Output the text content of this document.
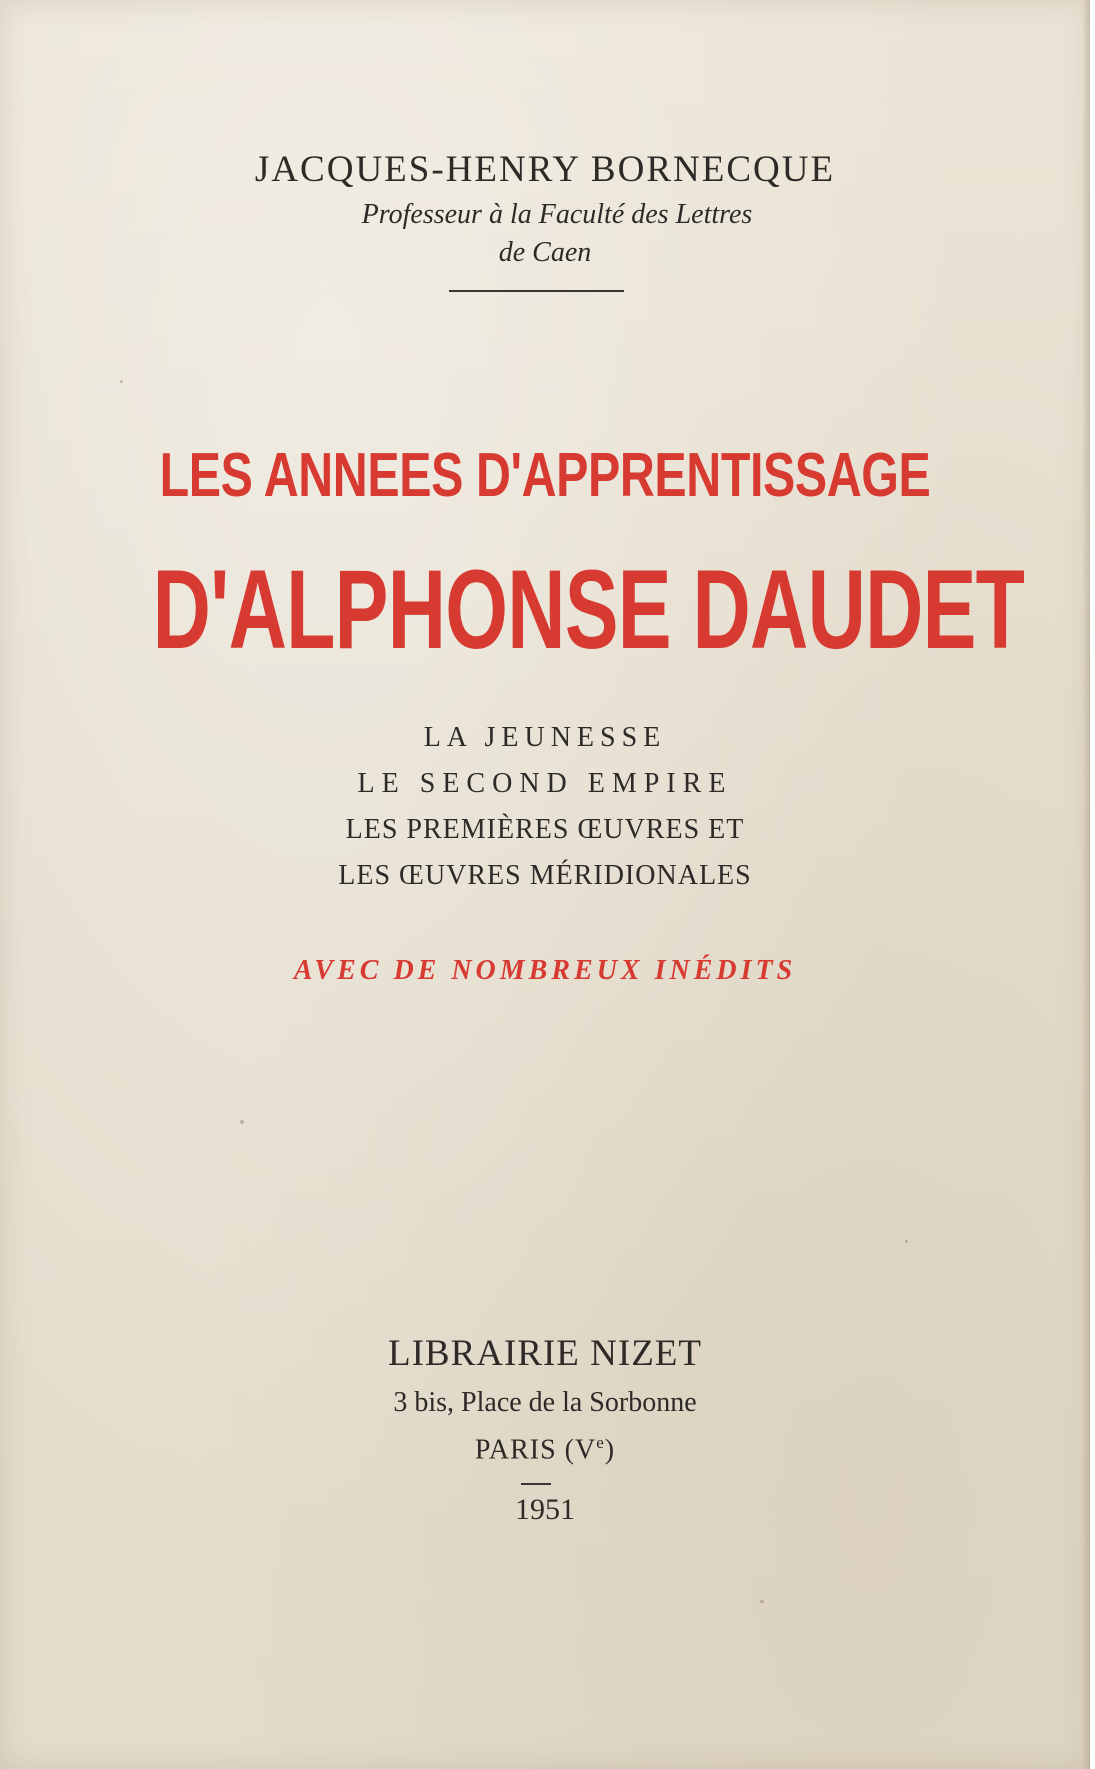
JACQUES-HENRY BORNECQUE
Professeur à la Faculté des Lettres
de Caen
LES ANNEES D'APPRENTISSAGE
D'ALPHONSE DAUDET
LA JEUNESSE
LE SECOND EMPIRE
LES PREMIÈRES ŒUVRES ET
LES ŒUVRES MÉRIDIONALES
AVEC DE NOMBREUX INÉDITS
LIBRAIRIE NIZET
3 bis, Place de la Sorbonne
PARIS (Ve)
1951
